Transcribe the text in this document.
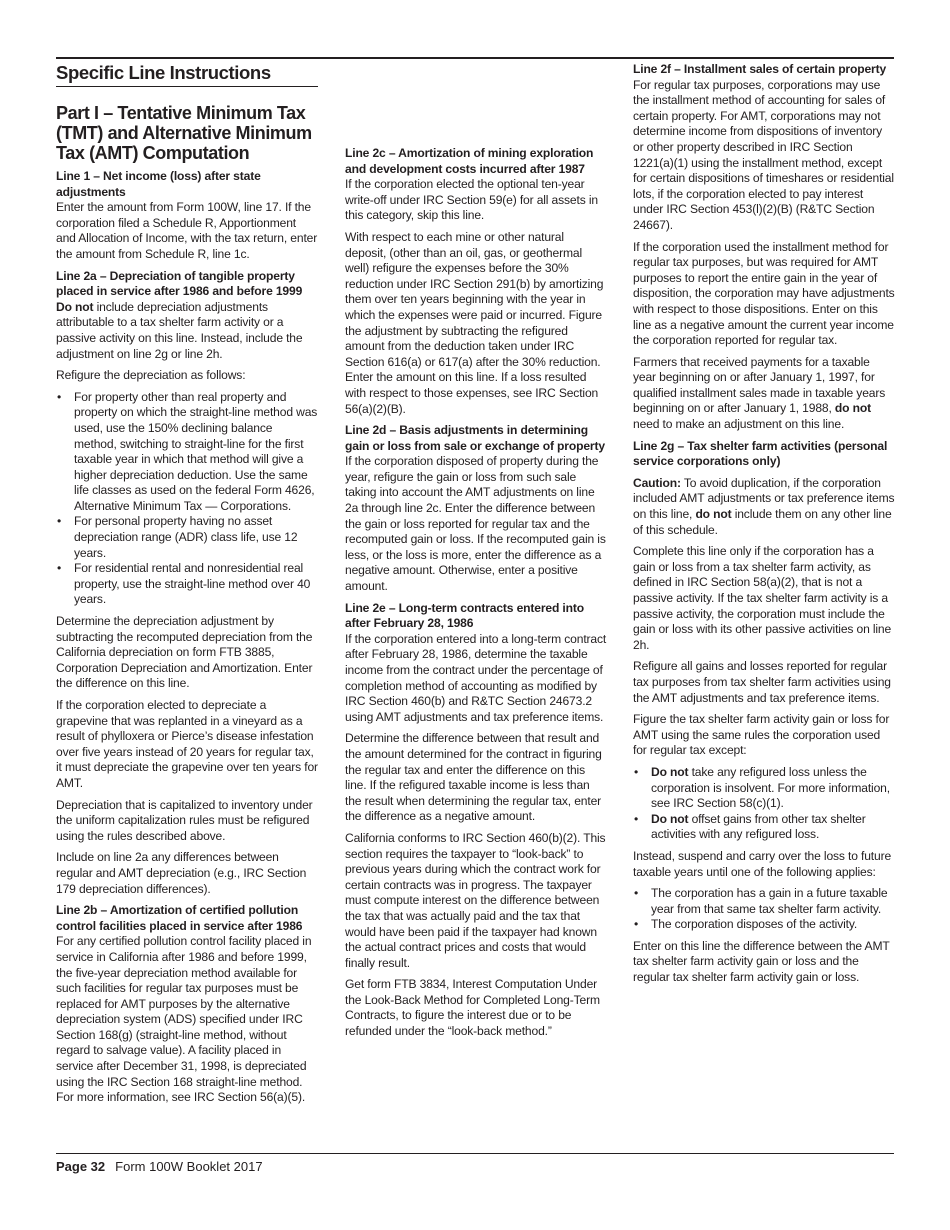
Specific Line Instructions
Part I – Tentative Minimum Tax (TMT) and Alternative Minimum Tax (AMT) Computation

Line 1 – Net income (loss) after state adjustments
Enter the amount from Form 100W, line 17. If the corporation filed a Schedule R, Apportionment and Allocation of Income, with the tax return, enter the amount from Schedule R, line 1c.

Line 2a – Depreciation of tangible property placed in service after 1986 and before 1999
Do not include depreciation adjustments attributable to a tax shelter farm activity or a passive activity on this line. Instead, include the adjustment on line 2g or line 2h.

Refigure the depreciation as follows:

• For property other than real property and property on which the straight-line method was used, use the 150% declining balance method, switching to straight-line for the first taxable year in which that method will give a higher depreciation deduction. Use the same life classes as used on the federal Form 4626, Alternative Minimum Tax — Corporations.
• For personal property having no asset depreciation range (ADR) class life, use 12 years.
• For residential rental and nonresidential real property, use the straight-line method over 40 years.

Determine the depreciation adjustment by subtracting the recomputed depreciation from the California depreciation on form FTB 3885, Corporation Depreciation and Amortization. Enter the difference on this line.

If the corporation elected to depreciate a grapevine that was replanted in a vineyard as a result of phylloxera or Pierce’s disease infestation over five years instead of 20 years for regular tax, it must depreciate the grapevine over ten years for AMT.

Depreciation that is capitalized to inventory under the uniform capitalization rules must be refigured using the rules described above.

Include on line 2a any differences between regular and AMT depreciation (e.g., IRC Section 179 depreciation differences).

Line 2b – Amortization of certified pollution control facilities placed in service after 1986
For any certified pollution control facility placed in service in California after 1986 and before 1999, the five-year depreciation method available for such facilities for regular tax purposes must be replaced for AMT purposes by the alternative depreciation system (ADS) specified under IRC Section 168(g) (straight-line method, without regard to salvage value). A facility placed in service after December 31, 1998, is depreciated using the IRC Section 168 straight-line method. For more information, see IRC Section 56(a)(5).

Line 2c – Amortization of mining exploration and development costs incurred after 1987
If the corporation elected the optional ten-year write-off under IRC Section 59(e) for all assets in this category, skip this line.

With respect to each mine or other natural deposit, (other than an oil, gas, or geothermal well) refigure the expenses before the 30% reduction under IRC Section 291(b) by amortizing them over ten years beginning with the year in which the expenses were paid or incurred. Figure the adjustment by subtracting the refigured amount from the deduction taken under IRC Section 616(a) or 617(a) after the 30% reduction. Enter the amount on this line. If a loss resulted with respect to those expenses, see IRC Section 56(a)(2)(B).

Line 2d – Basis adjustments in determining gain or loss from sale or exchange of property
If the corporation disposed of property during the year, refigure the gain or loss from such sale taking into account the AMT adjustments on line 2a through line 2c. Enter the difference between the gain or loss reported for regular tax and the recomputed gain or loss. If the recomputed gain is less, or the loss is more, enter the difference as a negative amount. Otherwise, enter a positive amount.

Line 2e – Long-term contracts entered into after February 28, 1986
If the corporation entered into a long-term contract after February 28, 1986, determine the taxable income from the contract under the percentage of completion method of accounting as modified by IRC Section 460(b) and R&TC Section 24673.2 using AMT adjustments and tax preference items.

Determine the difference between that result and the amount determined for the contract in figuring the regular tax and enter the difference on this line. If the refigured taxable income is less than the result when determining the regular tax, enter the difference as a negative amount.

California conforms to IRC Section 460(b)(2). This section requires the taxpayer to “look-back” to previous years during which the contract work for certain contracts was in progress. The taxpayer must compute interest on the difference between the tax that was actually paid and the tax that would have been paid if the taxpayer had known the actual contract prices and costs that would finally result.

Get form FTB 3834, Interest Computation Under the Look-Back Method for Completed Long-Term Contracts, to figure the interest due or to be refunded under the “look-back method.”

Line 2f – Installment sales of certain property
For regular tax purposes, corporations may use the installment method of accounting for sales of certain property. For AMT, corporations may not determine income from dispositions of inventory or other property described in IRC Section 1221(a)(1) using the installment method, except for certain dispositions of timeshares or residential lots, if the corporation elected to pay interest under IRC Section 453(l)(2)(B) (R&TC Section 24667).

If the corporation used the installment method for regular tax purposes, but was required for AMT purposes to report the entire gain in the year of disposition, the corporation may have adjustments with respect to those dispositions. Enter on this line as a negative amount the current year income the corporation reported for regular tax.

Farmers that received payments for a taxable year beginning on or after January 1, 1997, for qualified installment sales made in taxable years beginning on or after January 1, 1988, do not need to make an adjustment on this line.

Line 2g – Tax shelter farm activities (personal service corporations only)

Caution: To avoid duplication, if the corporation included AMT adjustments or tax preference items on this line, do not include them on any other line of this schedule.

Complete this line only if the corporation has a gain or loss from a tax shelter farm activity, as defined in IRC Section 58(a)(2), that is not a passive activity. If the tax shelter farm activity is a passive activity, the corporation must include the gain or loss with its other passive activities on line 2h.

Refigure all gains and losses reported for regular tax purposes from tax shelter farm activities using the AMT adjustments and tax preference items.

Figure the tax shelter farm activity gain or loss for AMT using the same rules the corporation used for regular tax except:

• Do not take any refigured loss unless the corporation is insolvent. For more information, see IRC Section 58(c)(1).
• Do not offset gains from other tax shelter activities with any refigured loss.

Instead, suspend and carry over the loss to future taxable years until one of the following applies:

• The corporation has a gain in a future taxable year from that same tax shelter farm activity.
• The corporation disposes of the activity.

Enter on this line the difference between the AMT tax shelter farm activity gain or loss and the regular tax shelter farm activity gain or loss.

Page 32 Form 100W Booklet 2017
